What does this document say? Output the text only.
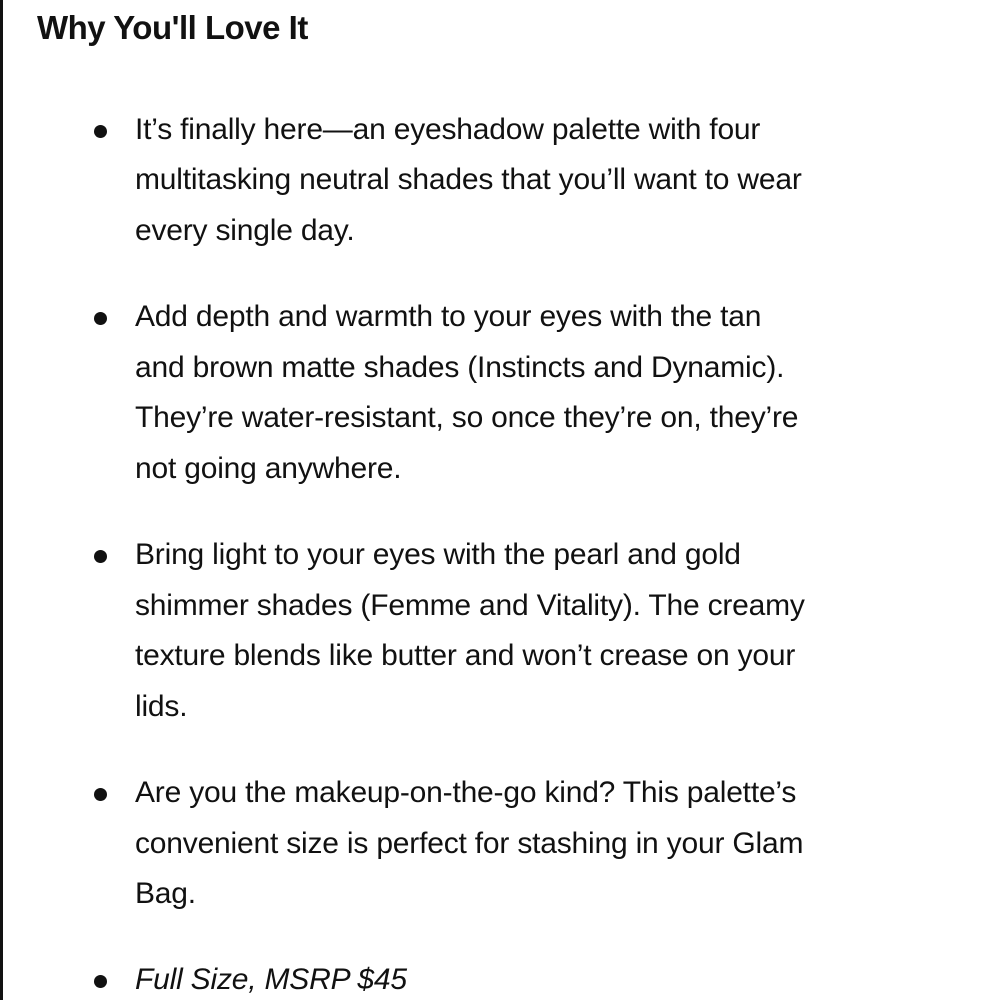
Why You'll Love It
It’s finally here—an eyeshadow palette with four
multitasking neutral shades that you’ll want to wear
every single day.
Add depth and warmth to your eyes with the tan
and brown matte shades (Instincts and Dynamic).
They’re water-resistant, so once they’re on, they’re
not going anywhere.
Bring light to your eyes with the pearl and gold
shimmer shades (Femme and Vitality). The creamy
texture blends like butter and won’t crease on your
lids.
Are you the makeup-on-the-go kind? This palette’s
convenient size is perfect for stashing in your Glam
Bag.
Full Size, MSRP $45
